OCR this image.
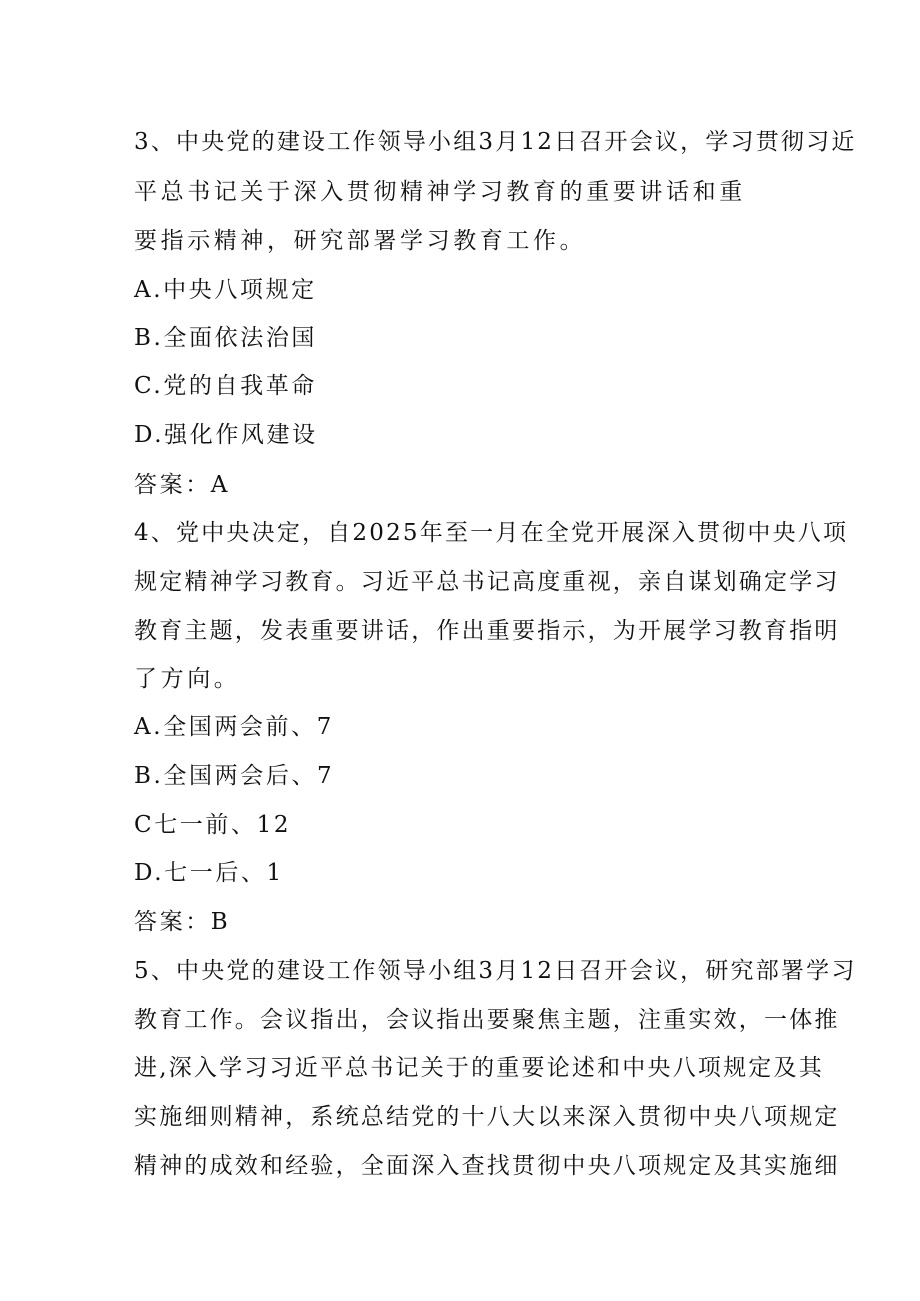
3、中央党的建设工作领导小组3月12日召开会议，学习贯彻习近
平总书记关于深入贯彻精神学习教育的重要讲话和重
要指示精神，研究部署学习教育工作。
A.中央八项规定
B.全面依法治国
C.党的自我革命
D.强化作风建设
答案：A
4、党中央决定，自2025年至一月在全党开展深入贯彻中央八项
规定精神学习教育。习近平总书记高度重视，亲自谋划确定学习
教育主题，发表重要讲话，作出重要指示，为开展学习教育指明
了方向。
A.全国两会前、7
B.全国两会后、7
C七一前、12
D.七一后、1
答案：B
5、中央党的建设工作领导小组3月12日召开会议，研究部署学习
教育工作。会议指出，会议指出要聚焦主题，注重实效，一体推
进,深入学习习近平总书记关于的重要论述和中央八项规定及其
实施细则精神，系统总结党的十八大以来深入贯彻中央八项规定
精神的成效和经验，全面深入查找贯彻中央八项规定及其实施细
